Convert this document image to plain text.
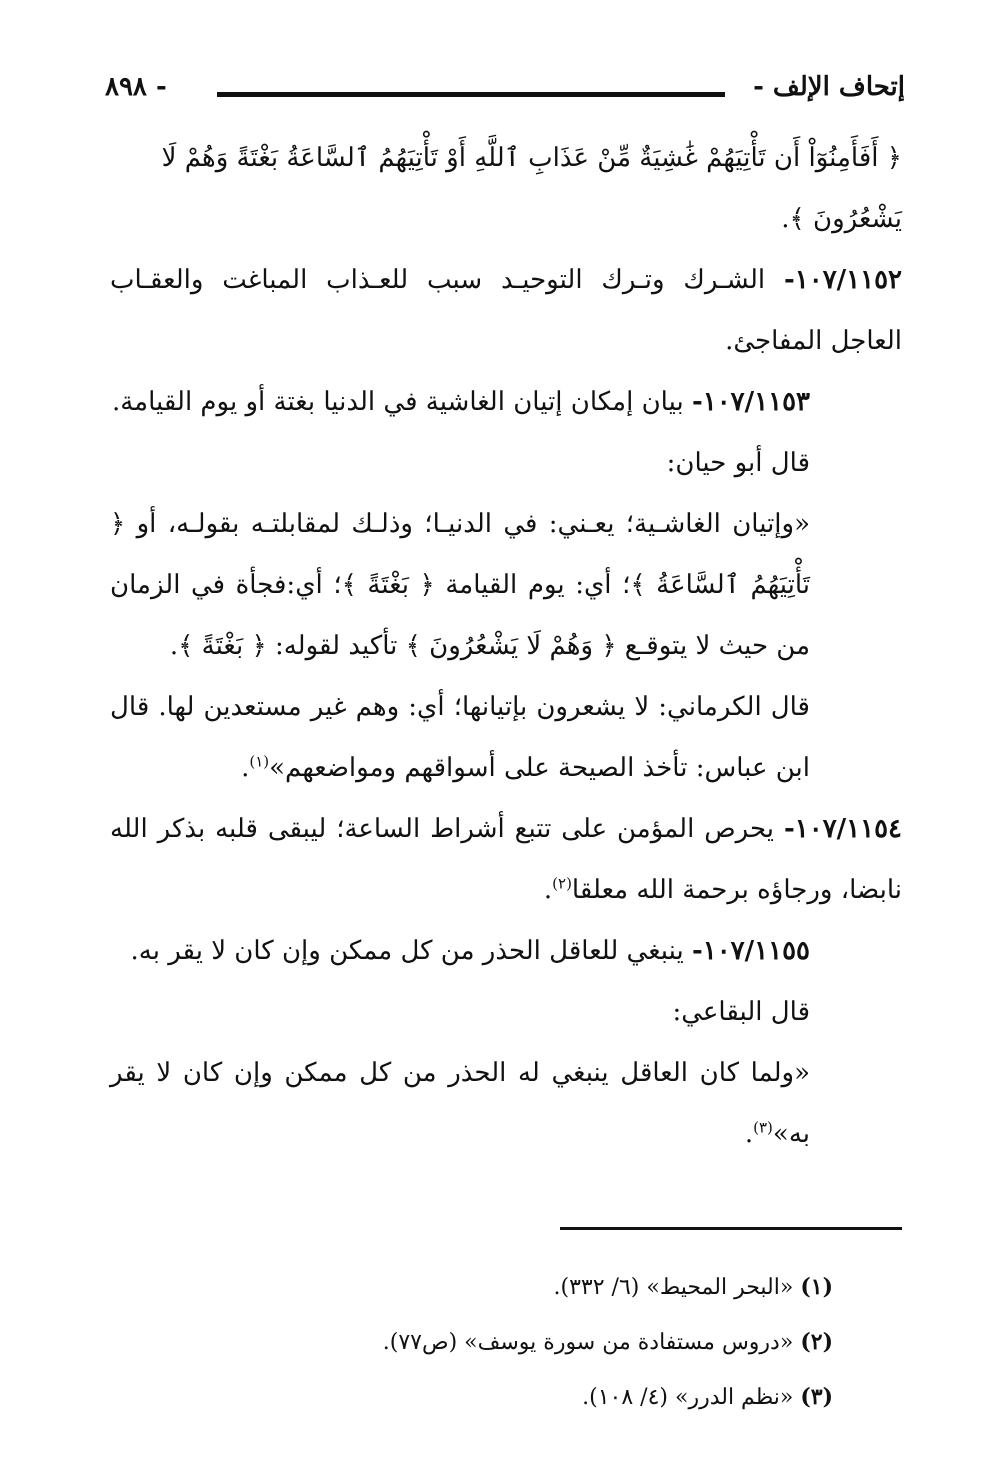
إتحاف الإلف -
- ٨٩٨

﴿ أَفَأَمِنُوٓاْ أَن تَأْتِيَهُمْ غَٰشِيَةٌ مِّنْ عَذَابِ ٱللَّهِ أَوْ تَأْتِيَهُمُ ٱلسَّاعَةُ بَغْتَةً وَهُمْ لَا

يَشْعُرُونَ ﴾.

١٠٧/١١٥٢- الشـرك وتـرك التوحيـد سبب للعـذاب المباغت والعقـاب العاجل المفاجئ.

١٠٧/١١٥٣- بيان إمكان إتيان الغاشية في الدنيا بغتة أو يوم القيامة.

قال أبو حيان:

«وإتيان الغاشـية؛ يعـني: في الدنيـا؛ وذلـك لمقابلتـه بقولـه، أو ﴿ تَأْتِيَهُمُ ٱلسَّاعَةُ ﴾؛ أي: يوم القيامة ﴿ بَغْتَةً ﴾؛ أي:فجأة في الزمان من حيث لا يتوقـع ﴿ وَهُمْ لَا يَشْعُرُونَ ﴾ تأكيد لقوله: ﴿ بَغْتَةً ﴾.

قال الكرماني: لا يشعرون بإتيانها؛ أي: وهم غير مستعدين لها. قال ابن عباس: تأخذ الصيحة على أسواقهم ومواضعهم»$^{(١)}$.

١٠٧/١١٥٤- يحرص المؤمن على تتبع أشراط الساعة؛ ليبقى قلبه بذكر الله نابضا، ورجاؤه برحمة الله معلقا$^{(٢)}$.

١٠٧/١١٥٥- ينبغي للعاقل الحذر من كل ممكن وإن كان لا يقر به.

قال البقاعي:

«ولما كان العاقل ينبغي له الحذر من كل ممكن وإن كان لا يقر به»$^{(٣)}$.

(١) «البحر المحيط» (٦/ ٣٣٢).

(٢) «دروس مستفادة من سورة يوسف» (ص٧٧).

(٣) «نظم الدرر» (٤/ ١٠٨).
